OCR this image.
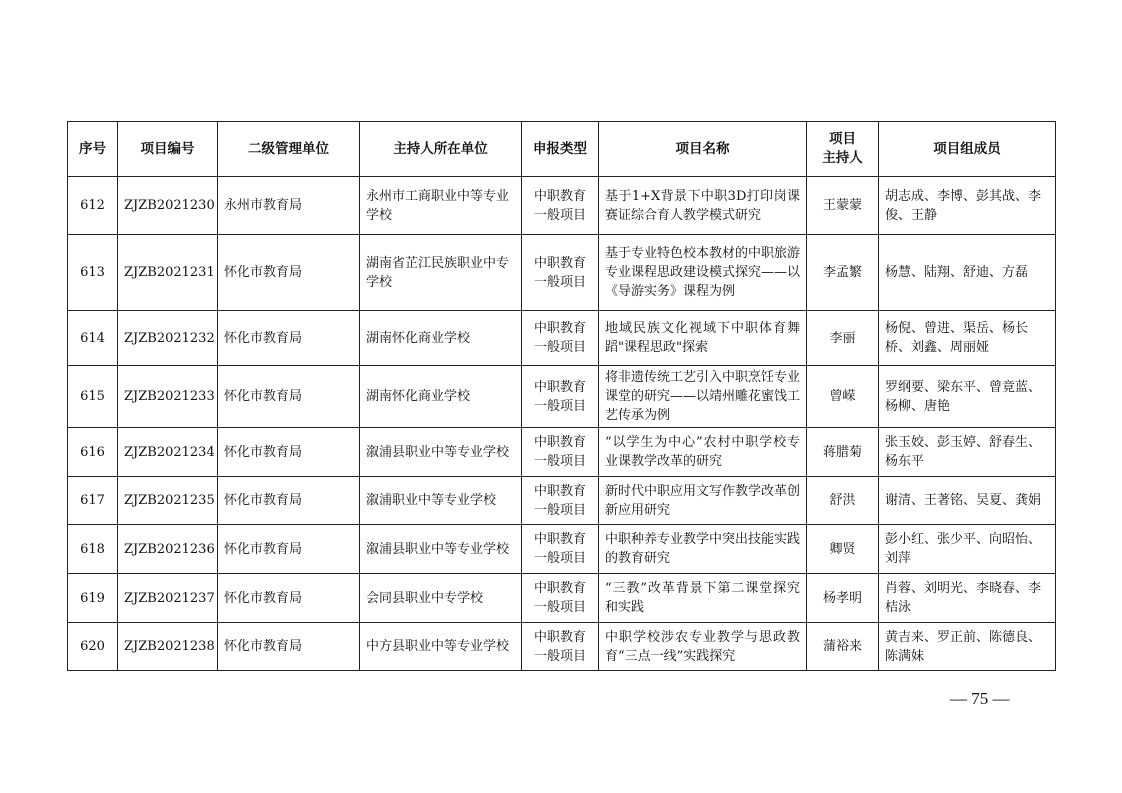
序号	项目编号	二级管理单位	主持人所在单位	申报类型	项目名称	项目
主持人	项目组成员
612	ZJZB2021230	永州市教育局	永州市工商职业中等专业学校	中职教育一般项目	基于1+X背景下中职3D打印岗课赛证综合育人教学模式研究	王蒙蒙	胡志成、李博、彭其战、李俊、王静
613	ZJZB2021231	怀化市教育局	湖南省芷江民族职业中专学校	中职教育一般项目	基于专业特色校本教材的中职旅游专业课程思政建设模式探究——以《导游实务》课程为例	李孟繁	杨慧、陆翔、舒迪、方磊
614	ZJZB2021232	怀化市教育局	湖南怀化商业学校	中职教育一般项目	地域民族文化视域下中职体育舞蹈"课程思政"探索	李丽	杨倪、曾进、渠岳、杨长桥、刘鑫、周丽娅
615	ZJZB2021233	怀化市教育局	湖南怀化商业学校	中职教育一般项目	将非遗传统工艺引入中职烹饪专业课堂的研究——以靖州雕花蜜饯工艺传承为例	曾嵘	罗纲要、梁东平、曾竟蓝、杨柳、唐艳
616	ZJZB2021234	怀化市教育局	溆浦县职业中等专业学校	中职教育一般项目	“以学生为中心”农村中职学校专业课教学改革的研究	蒋腊菊	张玉姣、彭玉婷、舒春生、杨东平
617	ZJZB2021235	怀化市教育局	溆浦职业中等专业学校	中职教育一般项目	新时代中职应用文写作教学改革创新应用研究	舒洪	谢清、王著铭、吴夏、龚娟
618	ZJZB2021236	怀化市教育局	溆浦县职业中等专业学校	中职教育一般项目	中职种养专业教学中突出技能实践的教育研究	卿贤	彭小红、张少平、向昭怡、刘萍
619	ZJZB2021237	怀化市教育局	会同县职业中专学校	中职教育一般项目	“三教”改革背景下第二课堂探究和实践	杨孝明	肖蓉、刘明光、李晓春、李桔泳
620	ZJZB2021238	怀化市教育局	中方县职业中等专业学校	中职教育一般项目	中职学校涉农专业教学与思政教育“三点一线”实践探究	蒲裕来	黄吉来、罗正前、陈德良、陈满妹
— 75 —
